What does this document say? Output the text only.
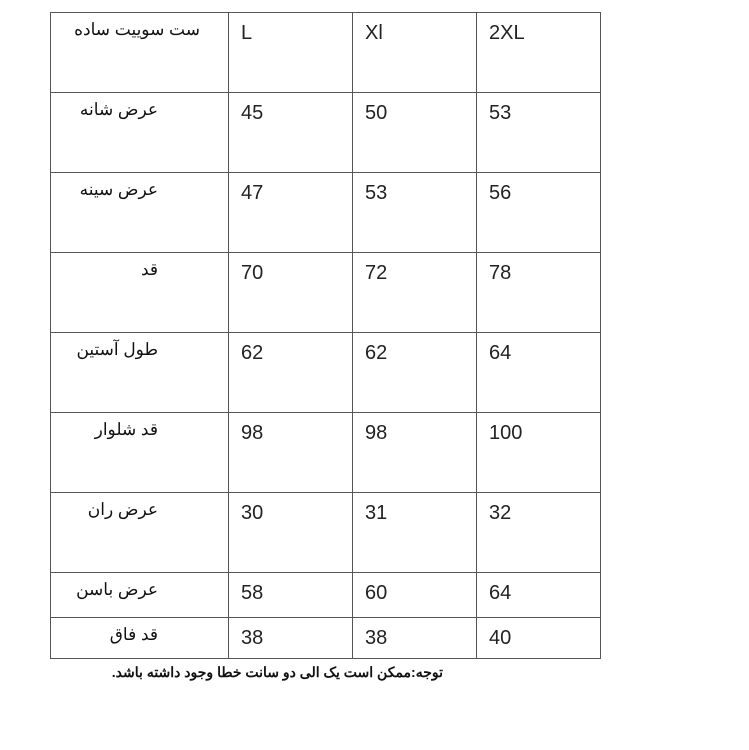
ست سوییت ساده	L	Xl	2XL
عرض شانه	45	50	53
عرض سینه	47	53	56
قد	70	72	78
طول آستین	62	62	64
قد شلوار	98	98	100
عرض ران	30	31	32
عرض باسن	58	60	64
قد فاق	38	38	40
توجه:ممکن است یک الی دو سانت خطا وجود داشته باشد.
